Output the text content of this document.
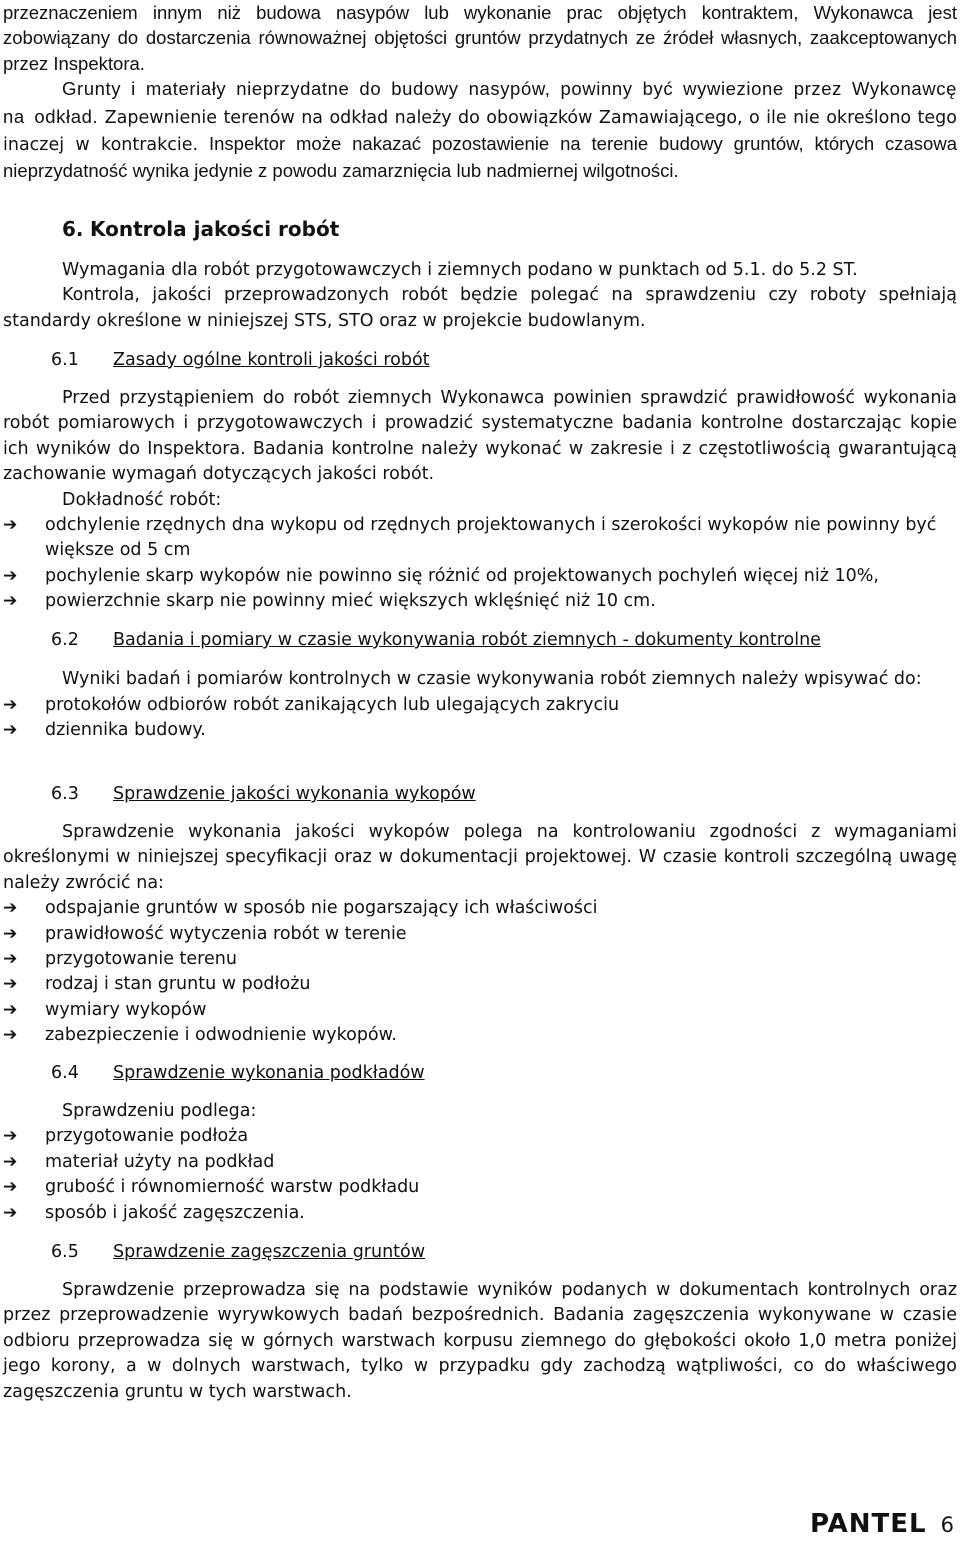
przeznaczeniem innym niż budowa nasypów lub wykonanie prac objętych kontraktem, Wykonawca jest zobowiązany do dostarczenia równoważnej objętości gruntów przydatnych ze źródeł własnych, zaakceptowanych przez Inspektora.

Grunty i materiały nieprzydatne do budowy nasypów, powinny być wywiezione przez Wykonawcę na odkład. Zapewnienie terenów na odkład należy do obowiązków Zamawiającego, o ile nie określono tego inaczej w kontrakcie. Inspektor może nakazać pozostawienie na terenie budowy gruntów, których czasowa nieprzydatność wynika jedynie z powodu zamarznięcia lub nadmiernej wilgotności.

6. Kontrola jakości robót

Wymagania dla robót przygotowawczych i ziemnych podano w punktach od 5.1. do 5.2 ST.

Kontrola, jakości przeprowadzonych robót będzie polegać na sprawdzeniu czy roboty spełniają standardy określone w niniejszej STS, STO oraz w projekcie budowlanym.

6.1 Zasady ogólne kontroli jakości robót

Przed przystąpieniem do robót ziemnych Wykonawca powinien sprawdzić prawidłowość wykonania robót pomiarowych i przygotowawczych i prowadzić systematyczne badania kontrolne dostarczając kopie ich wyników do Inspektora. Badania kontrolne należy wykonać w zakresie i z częstotliwością gwarantującą zachowanie wymagań dotyczących jakości robót.

Dokładność robót:

➔ odchylenie rzędnych dna wykopu od rzędnych projektowanych i szerokości wykopów nie powinny być większe od 5 cm
➔ pochylenie skarp wykopów nie powinno się różnić od projektowanych pochyleń więcej niż 10%,
➔ powierzchnie skarp nie powinny mieć większych wklęśnięć niż 10 cm.

6.2 Badania i pomiary w czasie wykonywania robót ziemnych - dokumenty kontrolne

Wyniki badań i pomiarów kontrolnych w czasie wykonywania robót ziemnych należy wpisywać do:

➔ protokołów odbiorów robót zanikających lub ulegających zakryciu
➔ dziennika budowy.

6.3 Sprawdzenie jakości wykonania wykopów

Sprawdzenie wykonania jakości wykopów polega na kontrolowaniu zgodności z wymaganiami określonymi w niniejszej specyfikacji oraz w dokumentacji projektowej. W czasie kontroli szczególną uwagę należy zwrócić na:

➔ odspajanie gruntów w sposób nie pogarszający ich właściwości
➔ prawidłowość wytyczenia robót w terenie
➔ przygotowanie terenu
➔ rodzaj i stan gruntu w podłożu
➔ wymiary wykopów
➔ zabezpieczenie i odwodnienie wykopów.

6.4 Sprawdzenie wykonania podkładów

Sprawdzeniu podlega:

➔ przygotowanie podłoża
➔ materiał użyty na podkład
➔ grubość i równomierność warstw podkładu
➔ sposób i jakość zagęszczenia.

6.5 Sprawdzenie zagęszczenia gruntów

Sprawdzenie przeprowadza się na podstawie wyników podanych w dokumentach kontrolnych oraz przez przeprowadzenie wyrywkowych badań bezpośrednich. Badania zagęszczenia wykonywane w czasie odbioru przeprowadza się w górnych warstwach korpusu ziemnego do głębokości około 1,0 metra poniżej jego korony, a w dolnych warstwach, tylko w przypadku gdy zachodzą wątpliwości, co do właściwego zagęszczenia gruntu w tych warstwach.

PANTEL 6
